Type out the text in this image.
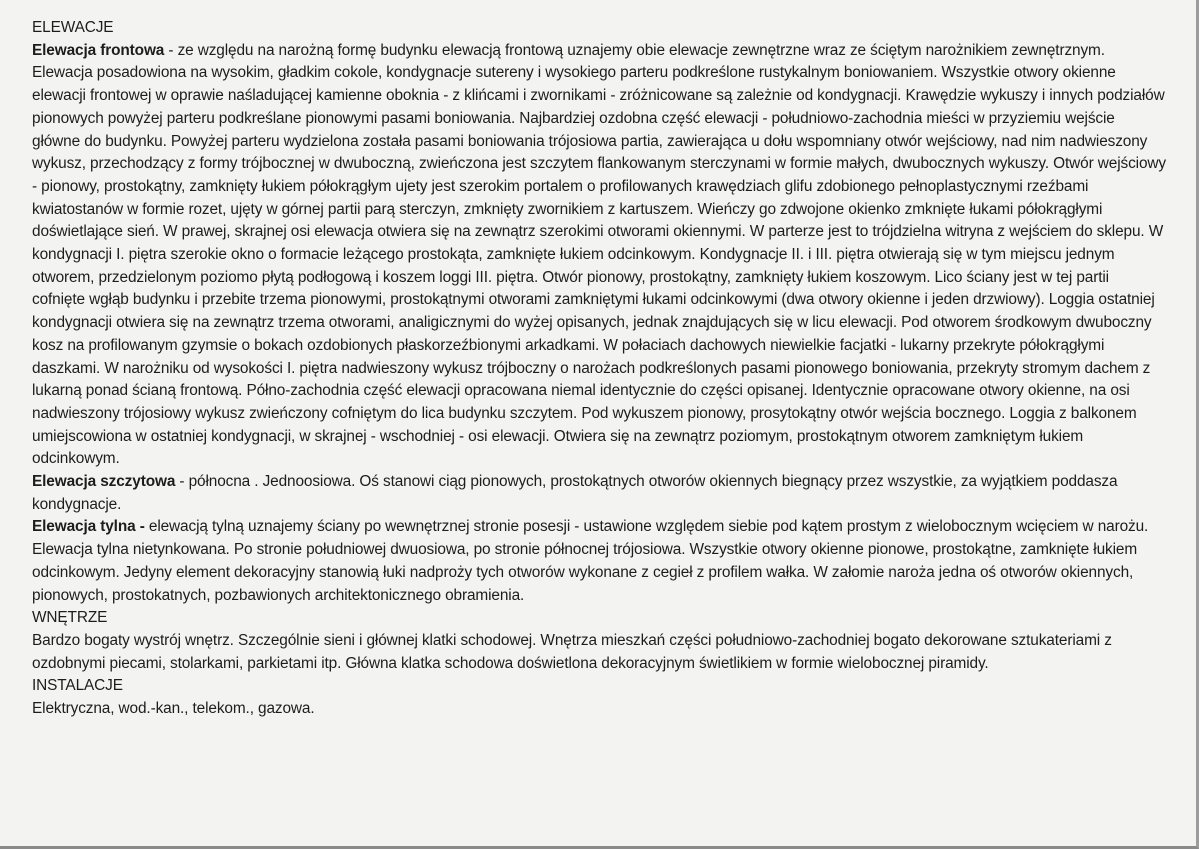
ELEWACJE

Elewacja frontowa - ze względu na narożną formę budynku elewacją frontową uznajemy obie elewacje zewnętrzne wraz ze ściętym narożnikiem zewnętrznym. Elewacja posadowiona na wysokim, gładkim cokole, kondygnacje sutereny i wysokiego parteru podkreślone rustykalnym boniowaniem. Wszystkie otwory okienne elewacji frontowej w oprawie naśladującej kamienne oboknia - z klińcami i zwornikami - zróżnicowane są zależnie od kondygnacji. Krawędzie wykuszy i innych podziałów pionowych powyżej parteru podkreślane pionowymi pasami boniowania. Najbardziej ozdobna część elewacji - południowo-zachodnia mieści w przyziemiu wejście główne do budynku. Powyżej parteru wydzielona została pasami boniowania trójosiowa partia, zawierająca u dołu wspomniany otwór wejściowy, nad nim nadwieszony wykusz, przechodzący z formy trójbocznej w dwuboczną, zwieńczona jest szczytem flankowanym sterczynami w formie małych, dwubocznych wykuszy. Otwór wejściowy - pionowy, prostokątny, zamknięty łukiem półokrągłym ujety jest szerokim portalem o profilowanych krawędziach glifu zdobionego pełnoplastycznymi rzeźbami kwiatostanów w formie rozet, ujęty w górnej partii parą sterczyn, zmknięty zwornikiem z kartuszem. Wieńczy go zdwojone okienko zmknięte łukami półokrągłymi doświetlające sień. W prawej, skrajnej osi elewacja otwiera się na zewnątrz szerokimi otworami okiennymi. W parterze jest to trójdzielna witryna z wejściem do sklepu. W kondygnacji I. piętra szerokie okno o formacie leżącego prostokąta, zamknięte łukiem odcinkowym. Kondygnacje II. i III. piętra otwierają się w tym miejscu jednym otworem, przedzielonym poziomo płytą podłogową i koszem loggi III. piętra. Otwór pionowy, prostokątny, zamknięty łukiem koszowym. Lico ściany jest w tej partii cofnięte wgłąb budynku i przebite trzema pionowymi, prostokątnymi otworami zamkniętymi łukami odcinkowymi (dwa otwory okienne i jeden drzwiowy). Loggia ostatniej kondygnacji otwiera się na zewnątrz trzema otworami, analigicznymi do wyżej opisanych, jednak znajdujących się w licu elewacji. Pod otworem środkowym dwuboczny kosz na profilowanym gzymsie o bokach ozdobionych płaskorzeźbionymi arkadkami. W połaciach dachowych niewielkie facjatki - lukarny przekryte półokrągłymi daszkami. W narożniku od wysokości I. piętra nadwieszony wykusz trójboczny o narożach podkreślonych pasami pionowego boniowania, przekryty stromym dachem z lukarną ponad ścianą frontową. Półno-zachodnia część elewacji opracowana niemal identycznie do części opisanej. Identycznie opracowane otwory okienne, na osi nadwieszony trójosiowy wykusz zwieńczony cofniętym do lica budynku szczytem. Pod wykuszem pionowy, prosytokątny otwór wejścia bocznego. Loggia z balkonem umiejscowiona w ostatniej kondygnacji, w skrajnej - wschodniej - osi elewacji. Otwiera się na zewnątrz poziomym, prostokątnym otworem zamkniętym łukiem odcinkowym.

Elewacja szczytowa - północna . Jednoosiowa. Oś stanowi ciąg pionowych, prostokątnych otworów okiennych biegnący przez wszystkie, za wyjątkiem poddasza kondygnacje.

Elewacja tylna - elewacją tylną uznajemy ściany po wewnętrznej stronie posesji - ustawione względem siebie pod kątem prostym z wielobocznym wcięciem w narożu. Elewacja tylna nietynkowana. Po stronie południowej dwuosiowa, po stronie północnej trójosiowa. Wszystkie otwory okienne pionowe, prostokątne, zamknięte łukiem odcinkowym. Jedyny element dekoracyjny stanowią łuki nadproży tych otworów wykonane z cegieł z profilem wałka. W załomie naroża jedna oś otworów okiennych, pionowych, prostokatnych, pozbawionych architektonicznego obramienia.

WNĘTRZE

Bardzo bogaty wystrój wnętrz. Szczególnie sieni i głównej klatki schodowej. Wnętrza mieszkań części południowo-zachodniej bogato dekorowane sztukateriami z ozdobnymi piecami, stolarkami, parkietami itp. Główna klatka schodowa doświetlona dekoracyjnym świetlikiem w formie wielobocznej piramidy.

INSTALACJE

Elektryczna, wod.-kan., telekom., gazowa.
